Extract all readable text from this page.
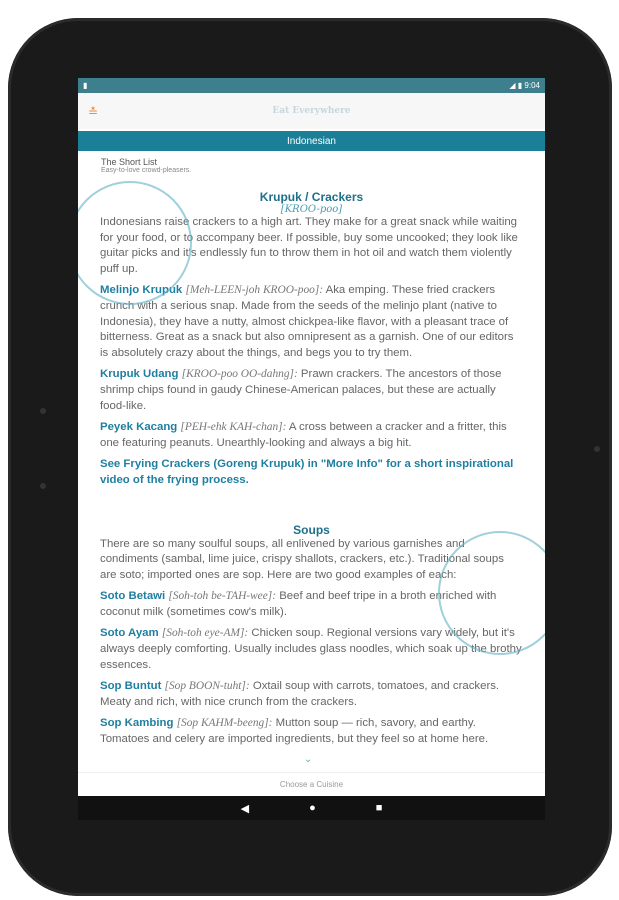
▮	◢ ▮ 9:04
≛	Eat Everywhere
Indonesian
The Short List
Easy-to-love crowd-pleasers.
Krupuk / Crackers
[KROO-poo]

Indonesians raise crackers to a high art. They make for a great snack while waiting for your food, or to accompany beer. If possible, buy some uncooked; they look like guitar picks and it's endlessly fun to throw them in hot oil and watch them violently puff up.

Melinjo Krupuk [Meh-LEEN-joh KROO-poo]: Aka emping. These fried crackers crunch with a serious snap. Made from the seeds of the melinjo plant (native to Indonesia), they have a nutty, almost chickpea-like flavor, with a pleasant trace of bitterness. Great as a snack but also omnipresent as a garnish. One of our editors is absolutely crazy about the things, and begs you to try them.

Krupuk Udang [KROO-poo OO-dahng]: Prawn crackers. The ancestors of those shrimp chips found in gaudy Chinese-American palaces, but these are actually food-like.

Peyek Kacang [PEH-ehk KAH-chan]: A cross between a cracker and a fritter, this one featuring peanuts. Unearthly-looking and always a big hit.

See Frying Crackers (Goreng Krupuk) in "More Info" for a short inspirational video of the frying process.

Soups

There are so many soulful soups, all enlivened by various garnishes and condiments (sambal, lime juice, crispy shallots, crackers, etc.). Traditional soups are soto; imported ones are sop. Here are two good examples of each:

Soto Betawi [Soh-toh be-TAH-wee]: Beef and beef tripe in a broth enriched with coconut milk (sometimes cow's milk).

Soto Ayam [Soh-toh eye-AM]: Chicken soup. Regional versions vary widely, but it's always deeply comforting. Usually includes glass noodles, which soak up the brothy essences.

Sop Buntut [Sop BOON-tuht]: Oxtail soup with carrots, tomatoes, and crackers. Meaty and rich, with nice crunch from the crackers.

Sop Kambing [Sop KAHM-beeng]: Mutton soup — rich, savory, and earthy. Tomatoes and celery are imported ingredients, but they feel so at home here.

⌄
Choose a Cuisine
◀	●	■
